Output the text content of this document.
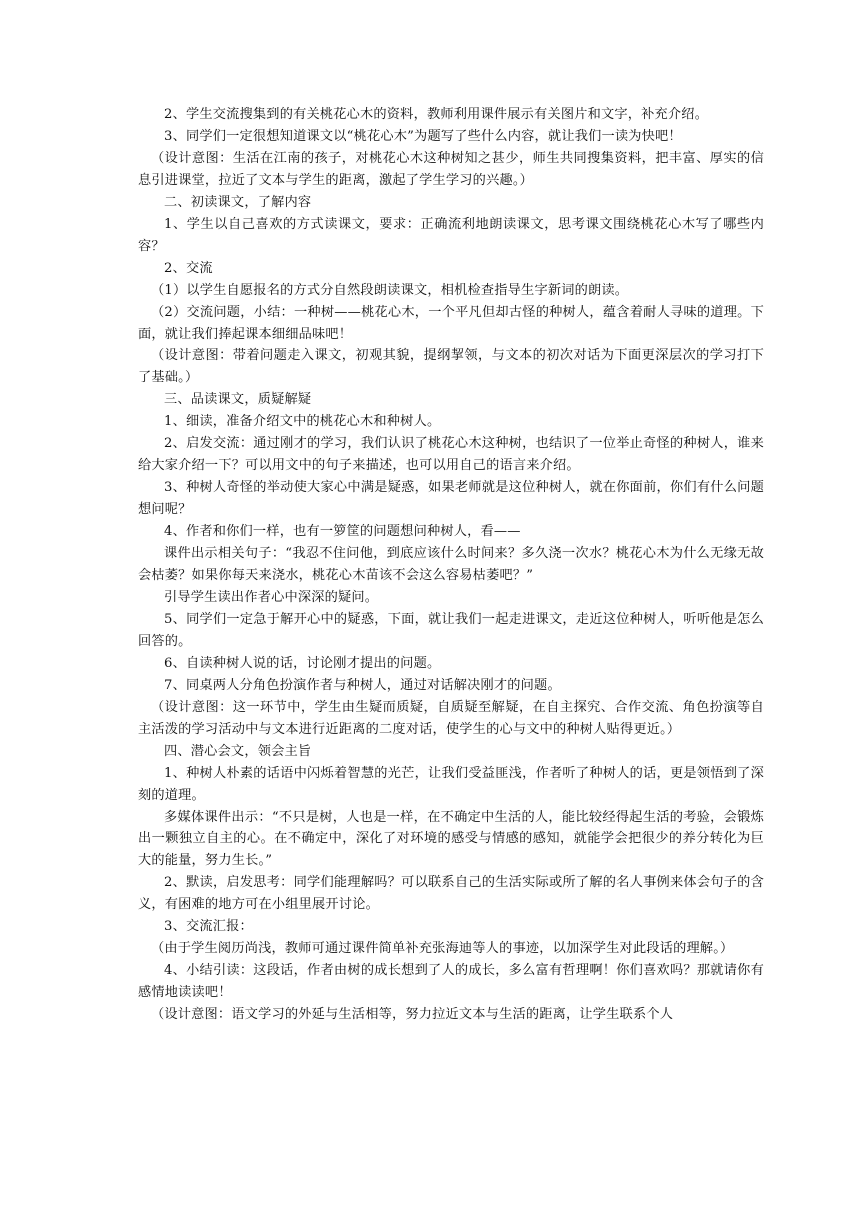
2、学生交流搜集到的有关桃花心木的资料，教师利用课件展示有关图片和文字，补充介绍。

3、同学们一定很想知道课文以“桃花心木”为题写了些什么内容，就让我们一读为快吧！

（设计意图：生活在江南的孩子，对桃花心木这种树知之甚少，师生共同搜集资料，把丰富、厚实的信息引进课堂，拉近了文本与学生的距离，激起了学生学习的兴趣。）

二、初读课文，了解内容

1、学生以自己喜欢的方式读课文，要求：正确流利地朗读课文，思考课文围绕桃花心木写了哪些内容？

2、交流

（1）以学生自愿报名的方式分自然段朗读课文，相机检查指导生字新词的朗读。

（2）交流问题，小结：一种树——桃花心木，一个平凡但却古怪的种树人，蕴含着耐人寻味的道理。下面，就让我们捧起课本细细品味吧！

（设计意图：带着问题走入课文，初观其貌，提纲挈领，与文本的初次对话为下面更深层次的学习打下了基础。）

三、品读课文，质疑解疑

1、细读，准备介绍文中的桃花心木和种树人。

2、启发交流：通过刚才的学习，我们认识了桃花心木这种树，也结识了一位举止奇怪的种树人，谁来给大家介绍一下？可以用文中的句子来描述，也可以用自己的语言来介绍。

3、种树人奇怪的举动使大家心中满是疑惑，如果老师就是这位种树人，就在你面前，你们有什么问题想问呢？

4、作者和你们一样，也有一箩筐的问题想问种树人，看——

课件出示相关句子：“我忍不住问他，到底应该什么时间来？多久浇一次水？桃花心木为什么无缘无故会枯萎？如果你每天来浇水，桃花心木苗该不会这么容易枯萎吧？”

引导学生读出作者心中深深的疑问。

5、同学们一定急于解开心中的疑惑，下面，就让我们一起走进课文，走近这位种树人，听听他是怎么回答的。

6、自读种树人说的话，讨论刚才提出的问题。

7、同桌两人分角色扮演作者与种树人，通过对话解决刚才的问题。

（设计意图：这一环节中，学生由生疑而质疑，自质疑至解疑，在自主探究、合作交流、角色扮演等自主活泼的学习活动中与文本进行近距离的二度对话，使学生的心与文中的种树人贴得更近。）

四、潜心会文，领会主旨

1、种树人朴素的话语中闪烁着智慧的光芒，让我们受益匪浅，作者听了种树人的话，更是领悟到了深刻的道理。

多媒体课件出示：“不只是树，人也是一样，在不确定中生活的人，能比较经得起生活的考验，会锻炼出一颗独立自主的心。在不确定中，深化了对环境的感受与情感的感知，就能学会把很少的养分转化为巨大的能量，努力生长。”

2、默读，启发思考：同学们能理解吗？可以联系自己的生活实际或所了解的名人事例来体会句子的含义，有困难的地方可在小组里展开讨论。

3、交流汇报：

（由于学生阅历尚浅，教师可通过课件简单补充张海迪等人的事迹，以加深学生对此段话的理解。）

4、小结引读：这段话，作者由树的成长想到了人的成长，多么富有哲理啊！你们喜欢吗？那就请你有感情地读读吧！

（设计意图：语文学习的外延与生活相等，努力拉近文本与生活的距离，让学生联系个人
